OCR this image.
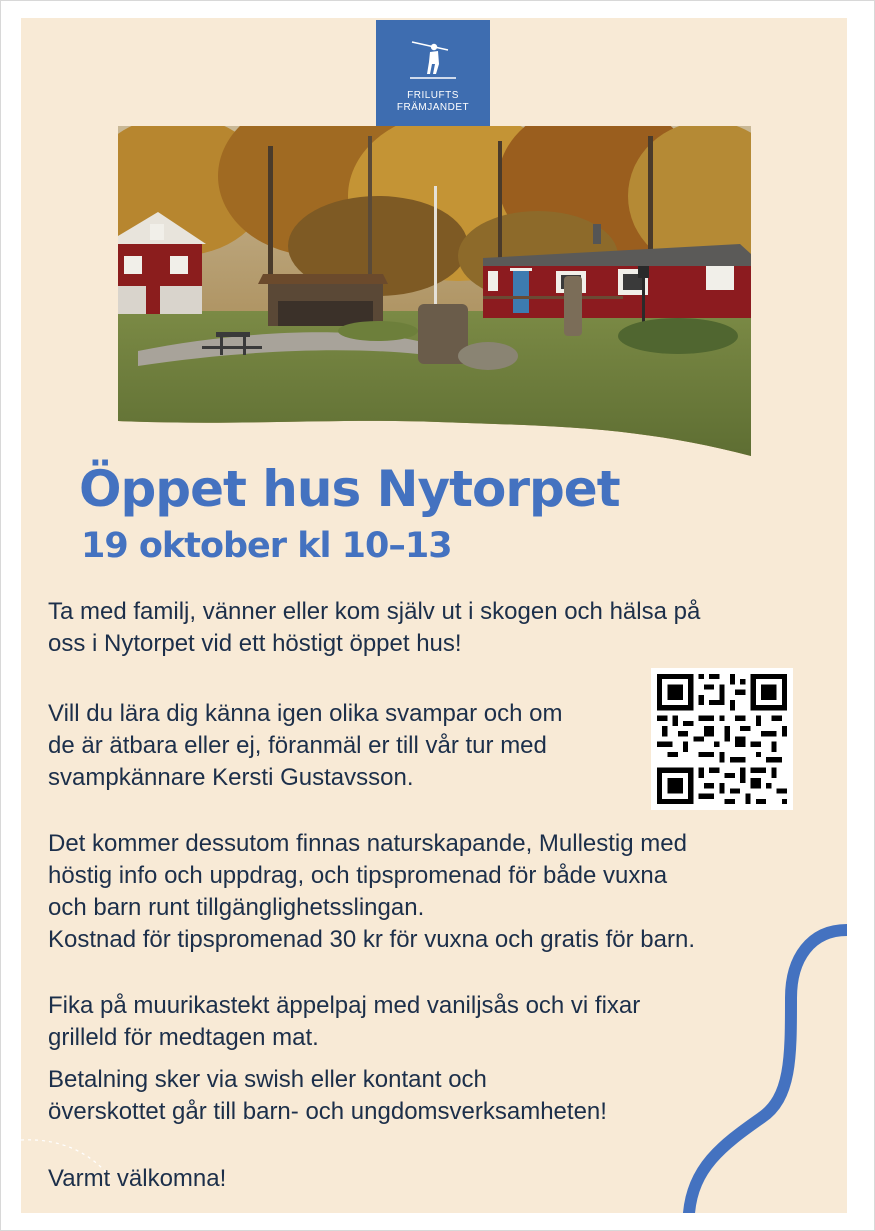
FRILUFTS
FRÄMJANDET
Öppet hus Nytorpet
19 oktober kl 10–13

Ta med familj, vänner eller kom själv ut i skogen och hälsa på
oss i Nytorpet vid ett höstigt öppet hus!

Vill du lära dig känna igen olika svampar och om
de är ätbara eller ej, föranmäl er till vår tur med
svampkännare Kersti Gustavsson.

Det kommer dessutom finnas naturskapande, Mullestig med
höstig info och uppdrag, och tipspromenad för både vuxna
och barn runt tillgänglighetsslingan.
Kostnad för tipspromenad 30 kr för vuxna och gratis för barn.

Fika på muurikastekt äppelpaj med vaniljsås och vi fixar
grilleld för medtagen mat.

Betalning sker via swish eller kontant och
överskottet går till barn- och ungdomsverksamheten!

Varmt välkomna!
